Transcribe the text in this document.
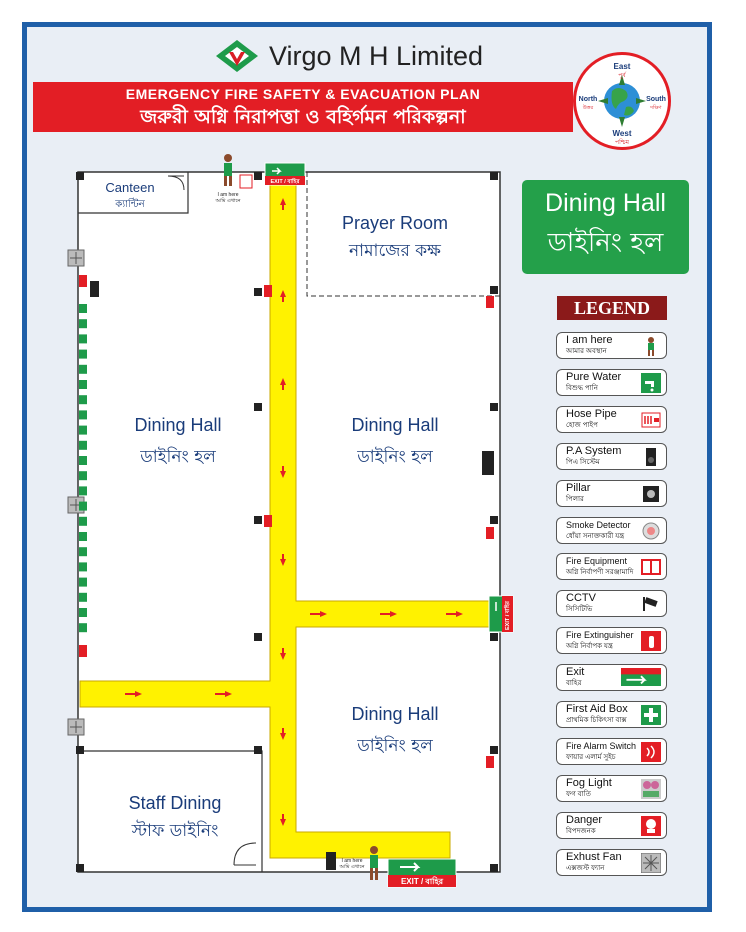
Virgo M H Limited
EMERGENCY FIRE SAFETY & EVACUATION PLAN
জরুরী অগ্নি নিরাপত্তা ও বহির্গমন পরিকল্পনা
East
পূর্ব
West
পশ্চিম
North
উত্তর
South
দক্ষিণ
Dining Hall
ডাইনিং হল
EXIT / বাহির
EXIT / বাহির
EXIT / বাহির
I am here
আমি এখানে
I am here
আমি এখানে
Canteen
ক্যান্টিন
Prayer Room
নামাজের কক্ষ
Dining Hall
ডাইনিং হল
Dining Hall
ডাইনিং হল
Dining Hall
ডাইনিং হল
Staff Dining
স্টাফ ডাইনিং
LEGEND
I am here
আমার অবস্থান
Pure Water
বিশুদ্ধ পানি
Hose Pipe
হোজ পাইপ
P.A System
পিএ সিস্টেম
Pillar
পিলার
Smoke Detector
ধোঁয়া সনাক্তকারী যন্ত্র
Fire Equipment
অগ্নি নির্বাপণী সরঞ্জামাদি
CCTV
সিসিটিভি
Fire Extinguisher
অগ্নি নির্বাপক যন্ত্র
Exit
বাহির
First Aid Box
প্রাথমিক চিকিৎসা বাক্স
Fire Alarm Switch
ফায়ার এলার্ম সুইচ
Fog Light
ফগ বাতি
Danger
বিপদজনক
Exhust Fan
এক্সজস্ট ফ্যান
